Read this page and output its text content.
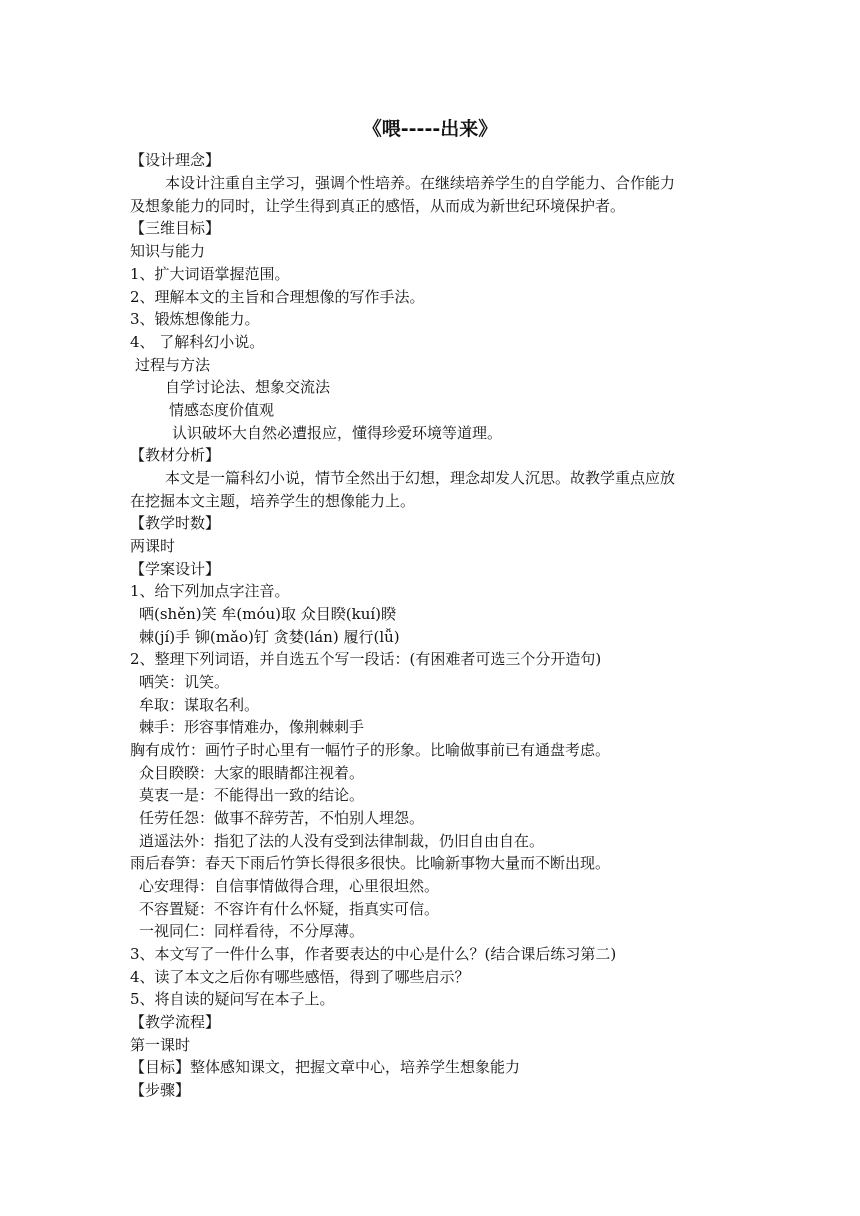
《喂-----出来》
【设计理念】
本设计注重自主学习，强调个性培养。在继续培养学生的自学能力、合作能力
及想象能力的同时，让学生得到真正的感悟，从而成为新世纪环境保护者。
【三维目标】
知识与能力
1、扩大词语掌握范围。
2、理解本文的主旨和合理想像的写作手法。
3、锻炼想像能力。
4、 了解科幻小说。
过程与方法
自学讨论法、想象交流法
情感态度价值观
认识破坏大自然必遭报应，懂得珍爱环境等道理。
【教材分析】
本文是一篇科幻小说，情节全然出于幻想，理念却发人沉思。故教学重点应放
在挖掘本文主题，培养学生的想像能力上。
【教学时数】
两课时
【学案设计】
1、给下列加点字注音。
哂(shěn)笑 牟(móu)取 众目睽(kuí)睽
棘(jí)手 铆(mǎo)钉 贪婪(lán) 履行(lǚ)
2、整理下列词语，并自选五个写一段话：(有困难者可选三个分开造句)
哂笑：讥笑。
牟取：谋取名利。
棘手：形容事情难办，像荆棘刺手
胸有成竹：画竹子时心里有一幅竹子的形象。比喻做事前已有通盘考虑。
众目睽睽：大家的眼睛都注视着。
莫衷一是：不能得出一致的结论。
任劳任怨：做事不辞劳苦，不怕别人埋怨。
逍遥法外：指犯了法的人没有受到法律制裁，仍旧自由自在。
雨后春笋：春天下雨后竹笋长得很多很快。比喻新事物大量而不断出现。
心安理得：自信事情做得合理，心里很坦然。
不容置疑：不容许有什么怀疑，指真实可信。
一视同仁：同样看待，不分厚薄。
3、本文写了一件什么事，作者要表达的中心是什么？(结合课后练习第二)
4、读了本文之后你有哪些感悟，得到了哪些启示？
5、将自读的疑问写在本子上。
【教学流程】
第一课时
【目标】整体感知课文，把握文章中心，培养学生想象能力
【步骤】
